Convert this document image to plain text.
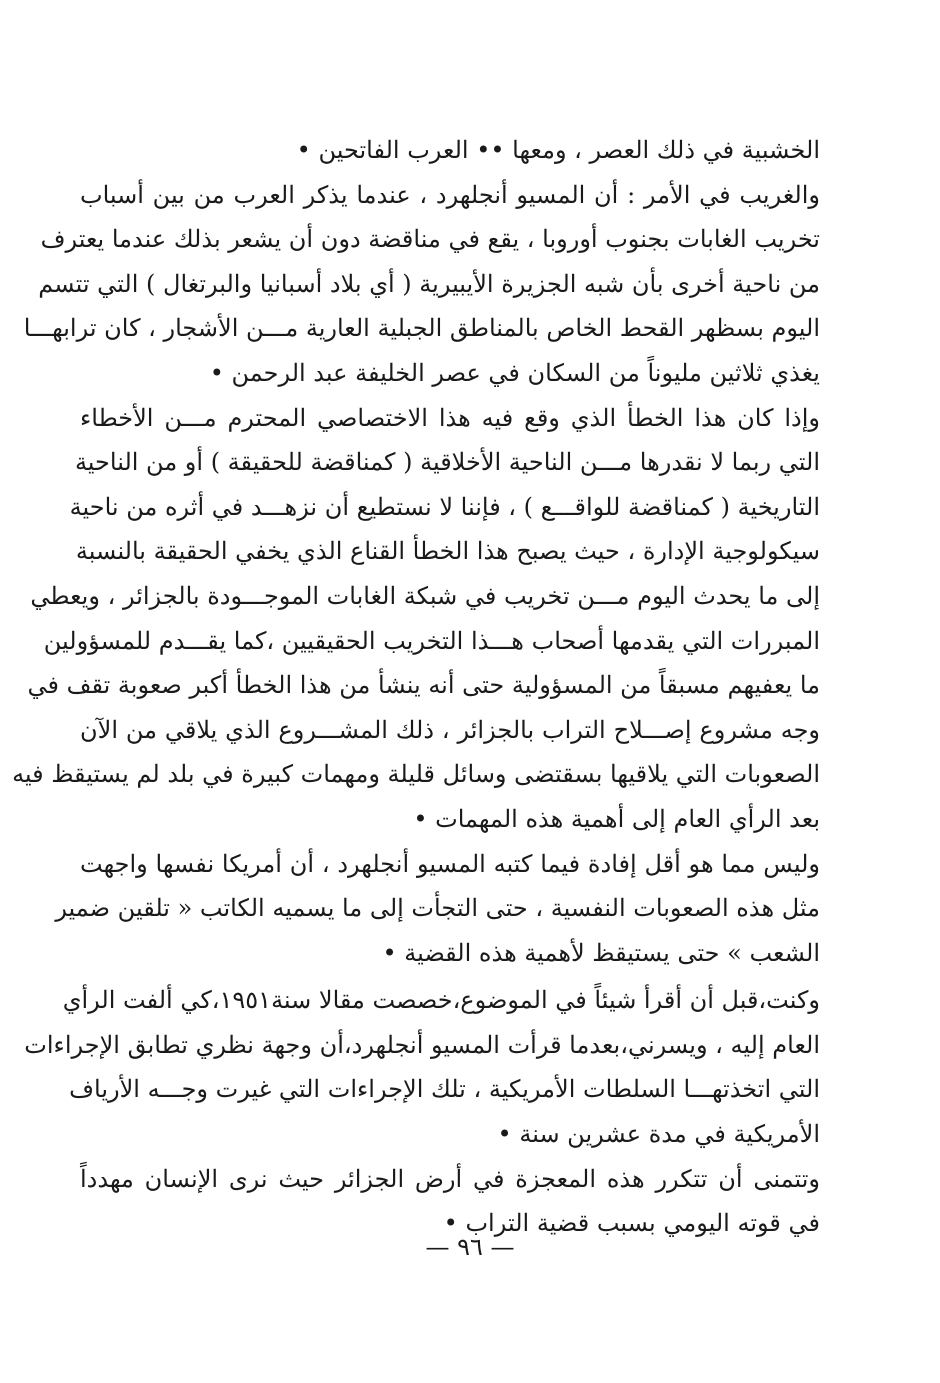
الخشبية في ذلك العصر ، ومعها •• العرب الفاتحين •
والغريب في الأمر : أن المسيو أنجلهرد ، عندما يذكر العرب من بين أسباب
تخريب الغابات بجنوب أوروبا ، يقع في مناقضة دون أن يشعر بذلك عندما يعترف
من ناحية أخرى بأن شبه الجزيرة الأيبيرية ( أي بلاد أسبانيا والبرتغال ) التي تتسم
اليوم بسظهر القحط الخاص بالمناطق الجبلية العارية مـــن الأشجار ، كان ترابهـــا
يغذي ثلاثين مليوناً من السكان في عصر الخليفة عبد الرحمن •
وإذا كان هذا الخطأ الذي وقع فيه هذا الاختصاصي المحترم مـــن الأخطاء
التي ربما لا نقدرها مـــن الناحية الأخلاقية ( كمناقضة للحقيقة ) أو من الناحية
التاريخية ( كمناقضة للواقـــع ) ، فإننا لا نستطيع أن نزهـــد في أثره من ناحية
سيكولوجية الإدارة ، حيث يصبح هذا الخطأ القناع الذي يخفي الحقيقة بالنسبة
إلى ما يحدث اليوم مـــن تخريب في شبكة الغابات الموجـــودة بالجزائر ، ويعطي
المبررات التي يقدمها أصحاب هـــذا التخريب الحقيقيين ،كما يقـــدم للمسؤولين
ما يعفيهم مسبقاً من المسؤولية حتى أنه ينشأ من هذا الخطأ أكبر صعوبة تقف في
وجه مشروع إصـــلاح التراب بالجزائر ، ذلك المشـــروع الذي يلاقي من الآن
الصعوبات التي يلاقيها بسقتضى وسائل قليلة ومهمات كبيرة في بلد لم يستيقظ فيه
بعد الرأي العام إلى أهمية هذه المهمات •
وليس مما هو أقل إفادة فيما كتبه المسيو أنجلهرد ، أن أمريكا نفسها واجهت
مثل هذه الصعوبات النفسية ، حتى التجأت إلى ما يسميه الكاتب « تلقين ضمير
الشعب » حتى يستيقظ لأهمية هذه القضية •
وكنت،قبل أن أقرأ شيئاً في الموضوع،خصصت مقالا سنة١٩٥١،كي ألفت الرأي
العام إليه ، ويسرني،بعدما قرأت المسيو أنجلهرد،أن وجهة نظري تطابق الإجراءات
التي اتخذتهـــا السلطات الأمريكية ، تلك الإجراءات التي غيرت وجـــه الأرياف
الأمريكية في مدة عشرين سنة •
وتتمنى أن تتكرر هذه المعجزة في أرض الجزائر حيث نرى الإنسان مهدداً
في قوته اليومي بسبب قضية التراب •
— ٩٦ —
